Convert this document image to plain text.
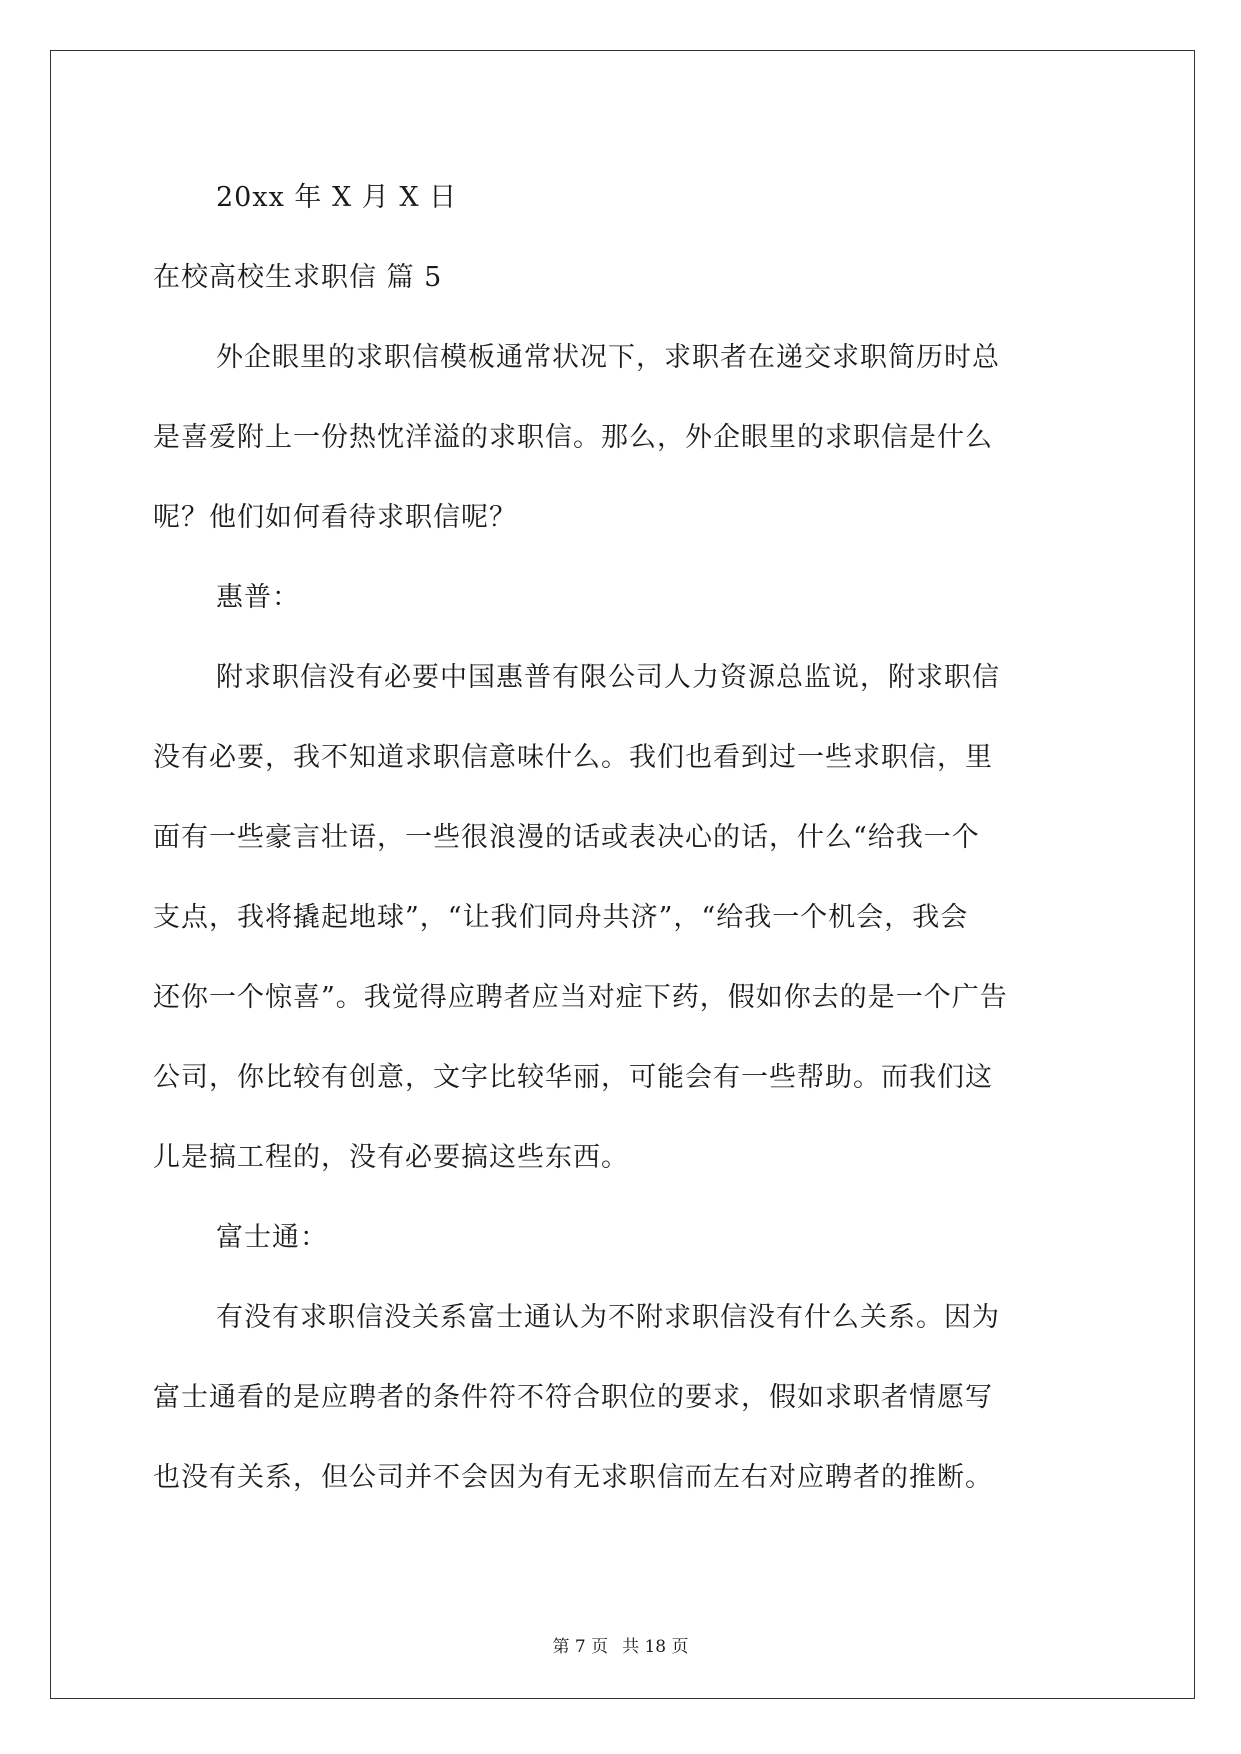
20xx 年 X 月 X 日
在校高校生求职信 篇 5
外企眼里的求职信模板通常状况下，求职者在递交求职简历时总
是喜爱附上一份热忱洋溢的求职信。那么，外企眼里的求职信是什么
呢？他们如何看待求职信呢？
惠普：
附求职信没有必要中国惠普有限公司人力资源总监说，附求职信
没有必要，我不知道求职信意味什么。我们也看到过一些求职信，里
面有一些豪言壮语，一些很浪漫的话或表决心的话，什么“给我一个
支点，我将撬起地球”，“让我们同舟共济”，“给我一个机会，我会
还你一个惊喜”。我觉得应聘者应当对症下药，假如你去的是一个广告
公司，你比较有创意，文字比较华丽，可能会有一些帮助。而我们这
儿是搞工程的，没有必要搞这些东西。
富士通：
有没有求职信没关系富士通认为不附求职信没有什么关系。因为
富士通看的是应聘者的条件符不符合职位的要求，假如求职者情愿写
也没有关系，但公司并不会因为有无求职信而左右对应聘者的推断。
第 7 页 共 18 页
